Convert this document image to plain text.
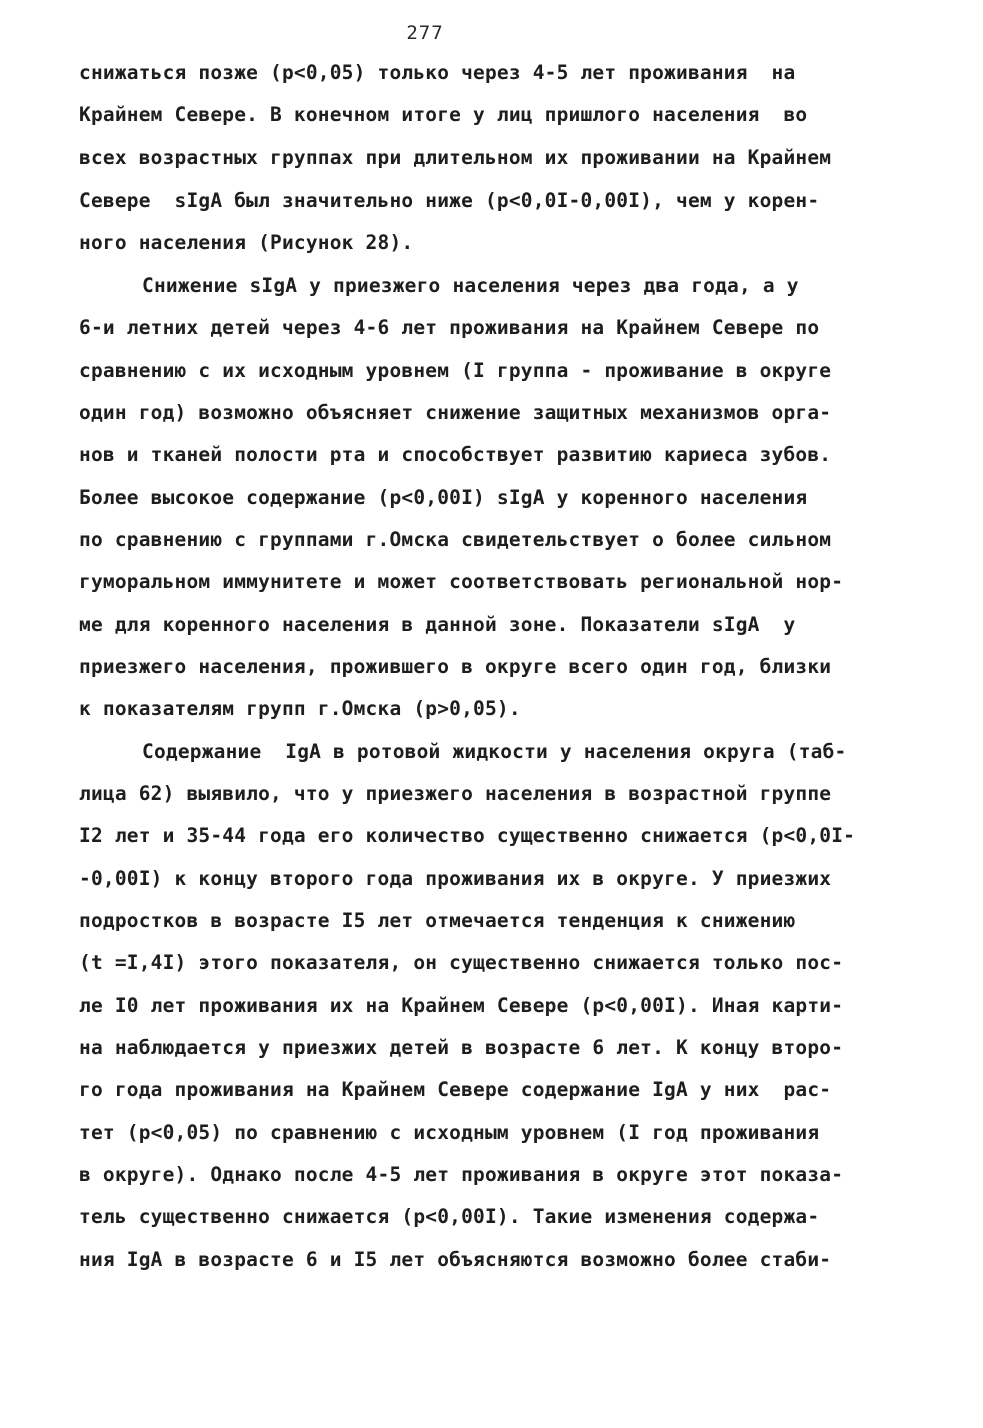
277
снижаться позже (p<0,05) только через 4-5 лет проживания  на
Крайнем Севере. В конечном итоге у лиц пришлого населения  во
всех возрастных группах при длительном их проживании на Крайнем
Севере  sIgA был значительно ниже (p<0,0I-0,00I), чем у корен-
ного населения (Рисунок 28).
Снижение sIgA у приезжего населения через два года, а у
6-и летних детей через 4-6 лет проживания на Крайнем Севере по
сравнению с их исходным уровнем (I группа - проживание в округе
один год) возможно объясняет снижение защитных механизмов орга-
нов и тканей полости рта и способствует развитию кариеса зубов.
Более высокое содержание (p<0,00I) sIgA у коренного населения
по сравнению с группами г.Омска свидетельствует о более сильном
гуморальном иммунитете и может соответствовать региональной нор-
ме для коренного населения в данной зоне. Показатели sIgA  у
приезжего населения, прожившего в округе всего один год, близки
к показателям групп г.Омска (p>0,05).
Содержание  IgA в ротовой жидкости у населения округа (таб-
лица 62) выявило, что у приезжего населения в возрастной группе
I2 лет и 35-44 года его количество существенно снижается (p<0,0I-
-0,00I) к концу второго года проживания их в округе. У приезжих
подростков в возрасте I5 лет отмечается тенденция к снижению
(t =I,4I) этого показателя, он существенно снижается только пос-
ле I0 лет проживания их на Крайнем Севере (p<0,00I). Иная карти-
на наблюдается у приезжих детей в возрасте 6 лет. К концу второ-
го года проживания на Крайнем Севере содержание IgA у них  рас-
тет (p<0,05) по сравнению с исходным уровнем (I год проживания
в округе). Однако после 4-5 лет проживания в округе этот показа-
тель существенно снижается (p<0,00I). Такие изменения содержа-
ния IgA в возрасте 6 и I5 лет объясняются возможно более стаби-
